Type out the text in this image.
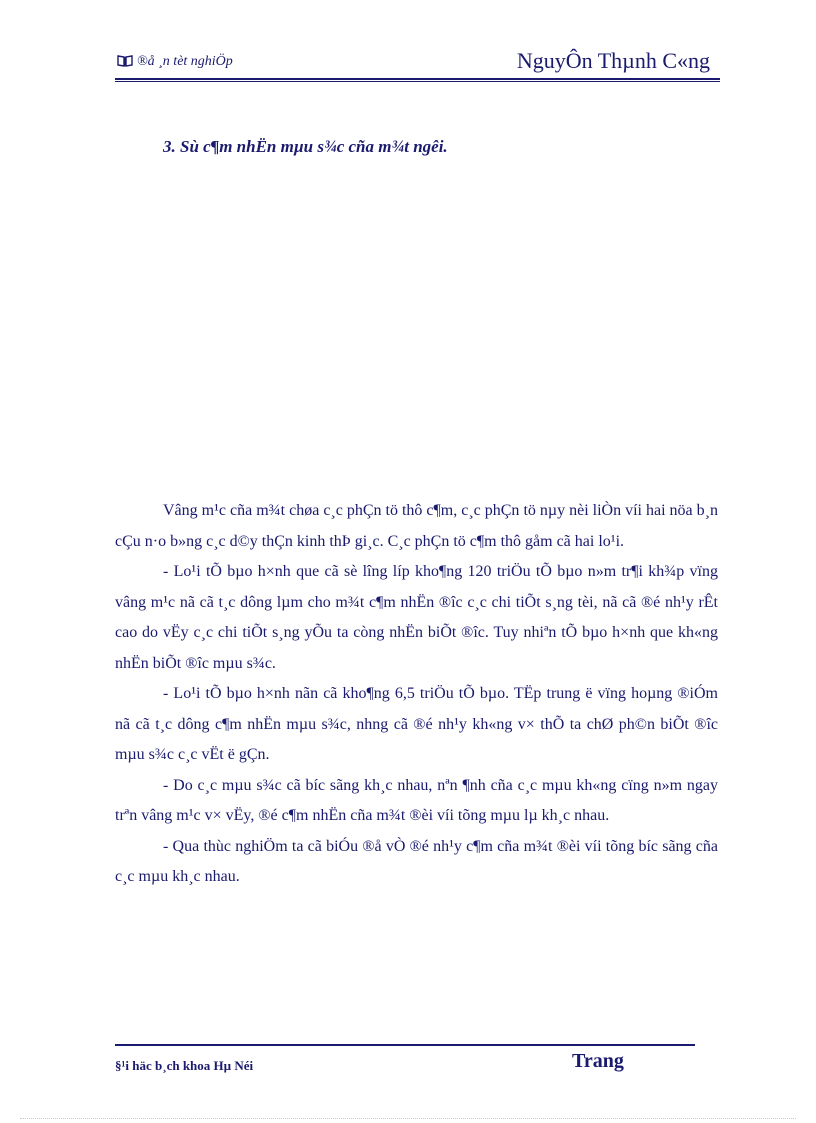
®å ¸n tèt nghiÖp	NguyÔn Thµnh C«ng
3. Sù c¶m nhËn mµu s¾c cña m¾t ngêi.

Vâng m¹c cña m¾t chøa c¸c phÇn tö thô c¶m, c¸c phÇn tö nµy nèi liÒn víi hai nöa b¸n cÇu n·o b»ng c¸c d©y thÇn kinh thÞ gi¸c. C¸c phÇn tö c¶m thô gåm cã hai lo¹i.

- Lo¹i tÕ bµo h×nh que cã sè lîng líp kho¶ng 120 triÖu tÕ bµo n»m tr¶i kh¾p vïng vâng m¹c nã cã t¸c dông lµm cho m¾t c¶m nhËn ®îc c¸c chi tiÕt s¸ng tèi, nã cã ®é nh¹y rÊt cao do vËy c¸c chi tiÕt s¸ng yÕu ta còng nhËn biÕt ®îc. Tuy nhiªn tÕ bµo h×nh que kh«ng nhËn biÕt ®îc mµu s¾c.

- Lo¹i tÕ bµo h×nh nãn cã kho¶ng 6,5 triÖu tÕ bµo. TËp trung ë vïng hoµng ®iÓm nã cã t¸c dông c¶m nhËn mµu s¾c, nhng cã ®é nh¹y kh«ng v× thÕ ta chØ ph©n biÕt ®îc mµu s¾c c¸c vËt ë gÇn.

- Do c¸c mµu s¾c cã bíc sãng kh¸c nhau, nªn ¶nh cña c¸c mµu kh«ng cïng n»m ngay trªn vâng m¹c v× vËy, ®é c¶m nhËn cña m¾t ®èi víi tõng mµu lµ kh¸c nhau.

- Qua thùc nghiÖm ta cã biÓu ®å vÒ ®é nh¹y c¶m cña m¾t ®èi víi tõng bíc sãng cña c¸c mµu kh¸c nhau.

§¹i häc b¸ch khoa Hµ Néi	Trang
